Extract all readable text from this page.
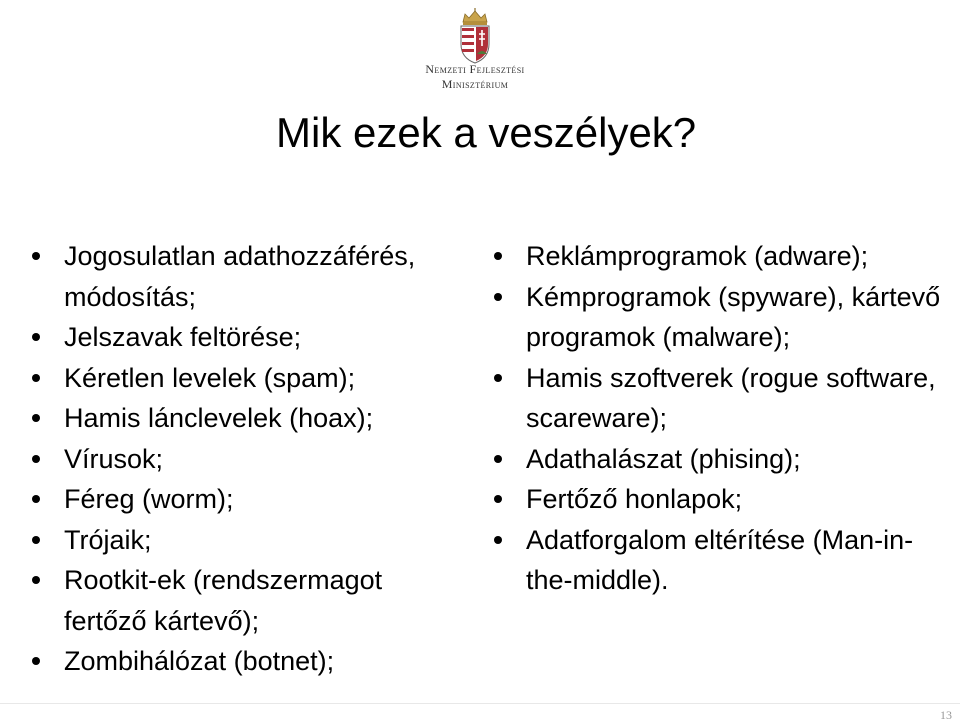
Nemzeti Fejlesztési
Minisztérium
Mik ezek a veszélyek?
Jogosulatlan adathozzáférés, módosítás;
Jelszavak feltörése;
Kéretlen levelek (spam);
Hamis lánclevelek (hoax);
Vírusok;
Féreg (worm);
Trójaik;
Rootkit-ek (rendszermagot fertőző kártevő);
Zombihálózat (botnet);
Reklámprogramok (adware);
Kémprogramok (spyware), kártevő programok (malware);
Hamis szoftverek (rogue software, scareware);
Adathalászat (phising);
Fertőző honlapok;
Adatforgalom eltérítése (Man-in-the-middle).
13
